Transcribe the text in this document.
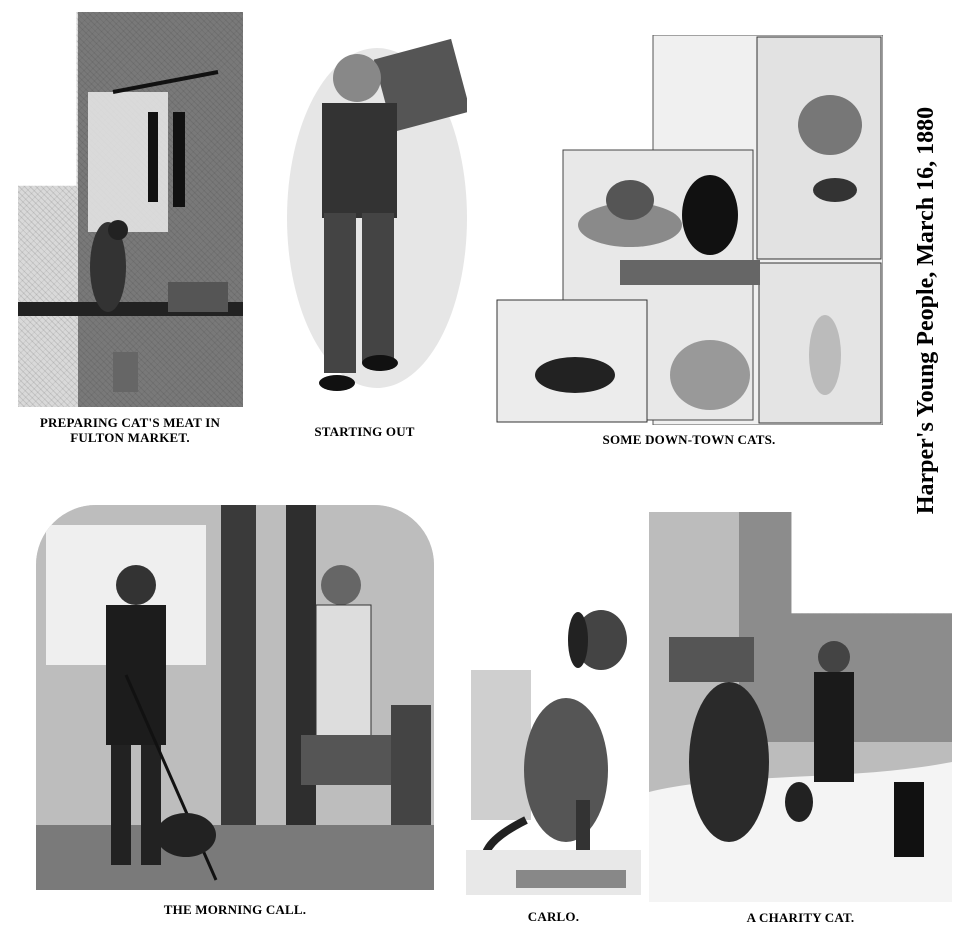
PREPARING CAT'S MEAT IN FULTON MARKET.	STARTING OUT
SOME DOWN-TOWN CATS.
THE MORNING CALL.	CARLO.	A CHARITY CAT.
Harper's Young People, March 16, 1880
